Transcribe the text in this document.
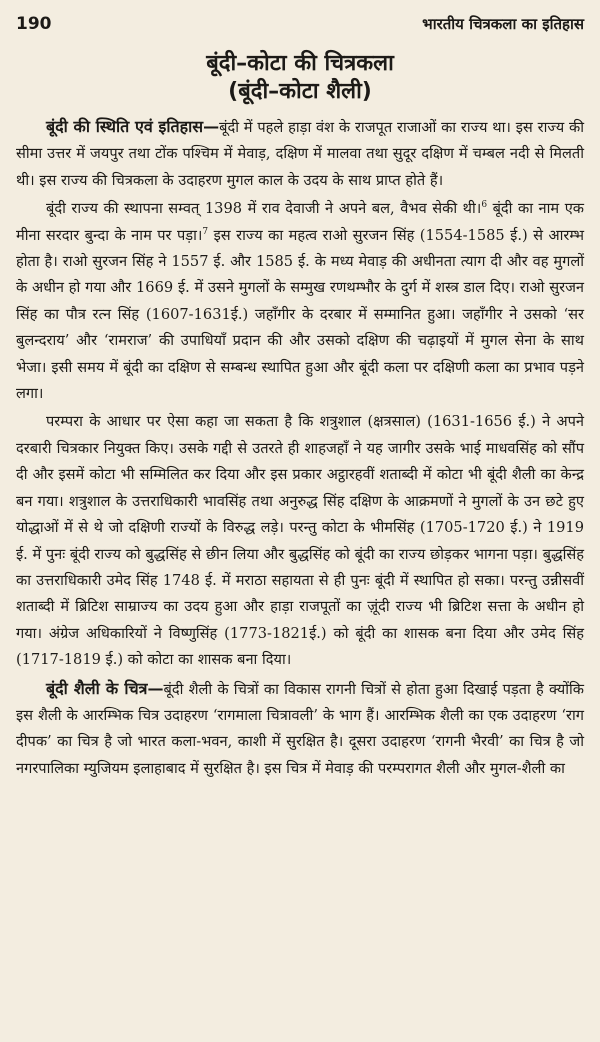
190	भारतीय चित्रकला का इतिहास
बूंदी–कोटा की चित्रकला
(बूंदी–कोटा शैली)

बूंदी की स्थिति एवं इतिहास—बूंदी में पहले हाड़ा वंश के राजपूत राजाओं का राज्य था। इस राज्य की सीमा उत्तर में जयपुर तथा टोंक पश्चिम में मेवाड़, दक्षिण में मालवा तथा सुदूर दक्षिण में चम्बल नदी से मिलती थी। इस राज्य की चित्रकला के उदाहरण मुगल काल के उदय के साथ प्राप्त होते हैं।

बूंदी राज्य की स्थापना सम्वत् 1398 में राव देवाजी ने अपने बल, वैभव सेकी थी।$^6$ बूंदी का नाम एक मीना सरदार बुन्दा के नाम पर पड़ा।$^7$ इस राज्य का महत्व राओ सुरजन सिंह (1554-1585 ई.) से आरम्भ होता है। राओ सुरजन सिंह ने 1557 ई. और 1585 ई. के मध्य मेवाड़ की अधीनता त्याग दी और वह मुगलों के अधीन हो गया और 1669 ई. में उसने मुगलों के सम्मुख रणथम्भौर के दुर्ग में शस्त्र डाल दिए। राओ सुरजन सिंह का पौत्र रत्न सिंह (1607-1631ई.) जहाँगीर के दरबार में सम्मानित हुआ। जहाँगीर ने उसको ‘सर बुलन्दराय’ और ‘रामराज’ की उपाधियाँ प्रदान की और उसको दक्षिण की चढ़ाइयों में मुगल सेना के साथ भेजा। इसी समय में बूंदी का दक्षिण से सम्बन्ध स्थापित हुआ और बूंदी कला पर दक्षिणी कला का प्रभाव पड़ने लगा।

परम्परा के आधार पर ऐसा कहा जा सकता है कि शत्रुशाल (क्षत्रसाल) (1631-1656 ई.) ने अपने दरबारी चित्रकार नियुक्त किए। उसके गद्दी से उतरते ही शाहजहाँ ने यह जागीर उसके भाई माधवसिंह को सौंप दी और इसमें कोटा भी सम्मिलित कर दिया और इस प्रकार अट्ठारहवीं शताब्दी में कोटा भी बूंदी शैली का केन्द्र बन गया। शत्रुशाल के उत्तराधिकारी भावसिंह तथा अनुरुद्ध सिंह दक्षिण के आक्रमणों ने मुगलों के उन छटे हुए योद्धाओं में से थे जो दक्षिणी राज्यों के विरुद्ध लड़े। परन्तु कोटा के भीमसिंह (1705-1720 ई.) ने 1919 ई. में पुनः बूंदी राज्य को बुद्धसिंह से छीन लिया और बुद्धसिंह को बूंदी का राज्य छोड़कर भागना पड़ा। बुद्धसिंह का उत्तराधिकारी उमेद सिंह 1748 ई. में मराठा सहायता से ही पुनः बूंदी में स्थापित हो सका। परन्तु उन्नीसवीं शताब्दी में ब्रिटिश साम्राज्य का उदय हुआ और हाड़ा राजपूतों का ज़ूंदी राज्य भी ब्रिटिश सत्ता के अधीन हो गया। अंग्रेज अधिकारियों ने विष्णुसिंह (1773-1821ई.) को बूंदी का शासक बना दिया और उमेद सिंह (1717-1819 ई.) को कोटा का शासक बना दिया।

बूंदी शैली के चित्र—बूंदी शैली के चित्रों का विकास रागनी चित्रों से होता हुआ दिखाई पड़ता है क्योंकि इस शैली के आरम्भिक चित्र उदाहरण ‘रागमाला चित्रावली’ के भाग हैं। आरम्भिक शैली का एक उदाहरण ‘राग दीपक’ का चित्र है जो भारत कला-भवन, काशी में सुरक्षित है। दूसरा उदाहरण ‘रागनी भैरवी’ का चित्र है जो नगरपालिका म्युजियम इलाहाबाद में सुरक्षित है। इस चित्र में मेवाड़ की परम्परागत शैली और मुगल-शैली का
